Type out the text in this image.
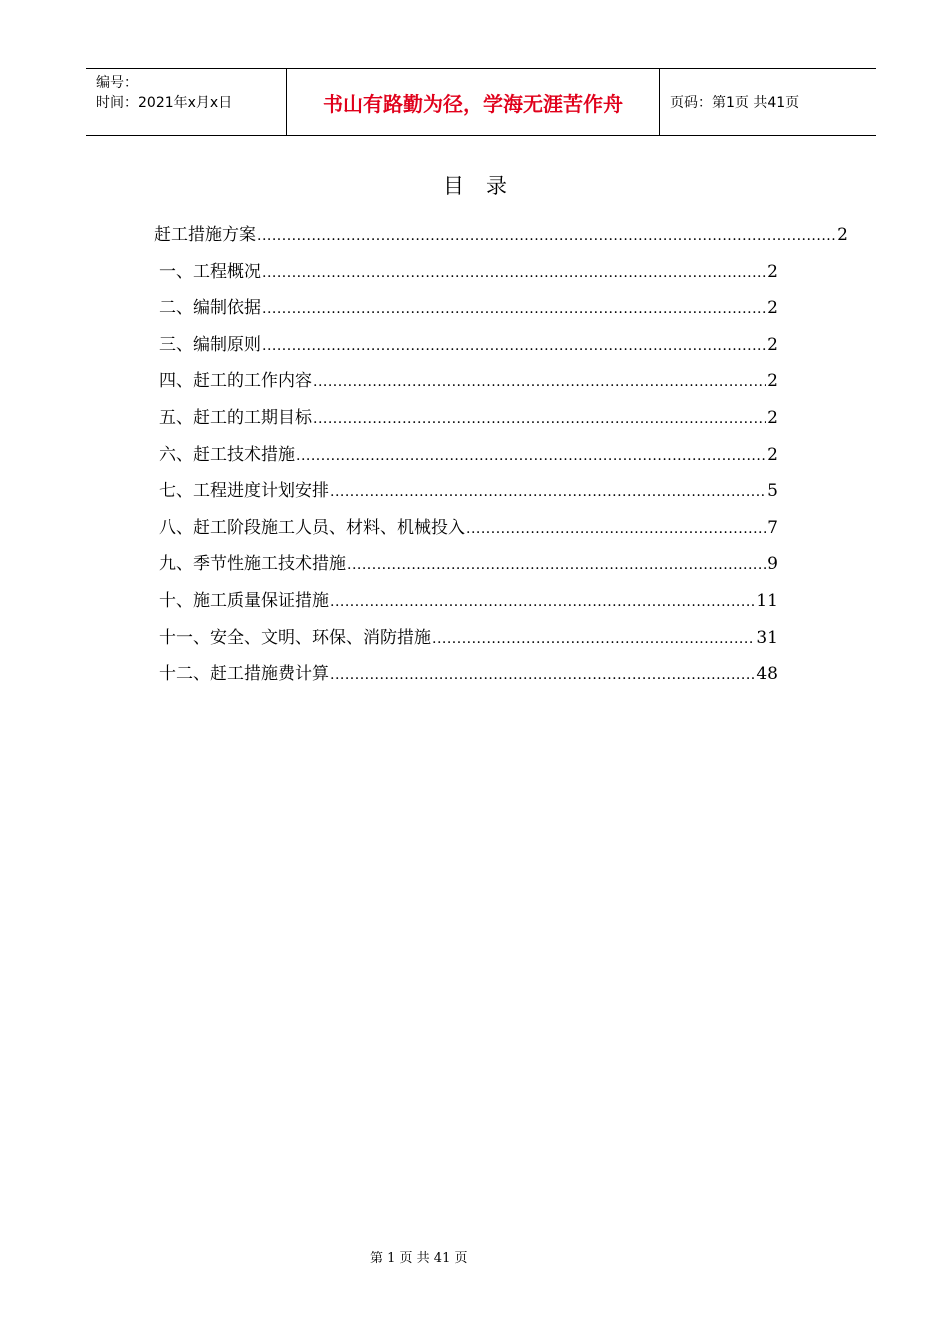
编号：
时间：2021年x月x日	书山有路勤为径，学海无涯苦作舟	页码：第1页 共41页
目录
赶工措施方案 .....	2
一、工程概况 .....	2
二、编制依据 .....	2
三、编制原则 .....	2
四、赶工的工作内容 .....	2
五、赶工的工期目标 .....	2
六、赶工技术措施 .....	2
七、工程进度计划安排 .....	5
八、赶工阶段施工人员、材料、机械投入 .....	7
九、季节性施工技术措施 .....	9
十、施工质量保证措施 .....	11
十一、安全、文明、环保、消防措施 .....	31
十二、赶工措施费计算 .....	48
第 1 页 共 41 页
